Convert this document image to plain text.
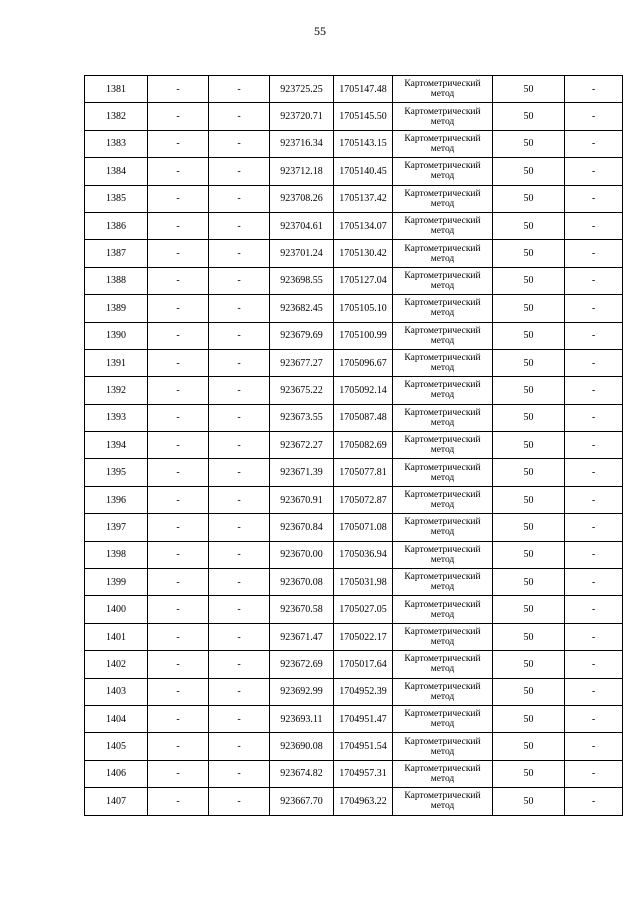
55
1381	-	-	923725.25	1705147.48	Картометрический метод	50	-
1382	-	-	923720.71	1705145.50	Картометрический метод	50	-
1383	-	-	923716.34	1705143.15	Картометрический метод	50	-
1384	-	-	923712.18	1705140.45	Картометрический метод	50	-
1385	-	-	923708.26	1705137.42	Картометрический метод	50	-
1386	-	-	923704.61	1705134.07	Картометрический метод	50	-
1387	-	-	923701.24	1705130.42	Картометрический метод	50	-
1388	-	-	923698.55	1705127.04	Картометрический метод	50	-
1389	-	-	923682.45	1705105.10	Картометрический метод	50	-
1390	-	-	923679.69	1705100.99	Картометрический метод	50	-
1391	-	-	923677.27	1705096.67	Картометрический метод	50	-
1392	-	-	923675.22	1705092.14	Картометрический метод	50	-
1393	-	-	923673.55	1705087.48	Картометрический метод	50	-
1394	-	-	923672.27	1705082.69	Картометрический метод	50	-
1395	-	-	923671.39	1705077.81	Картометрический метод	50	-
1396	-	-	923670.91	1705072.87	Картометрический метод	50	-
1397	-	-	923670.84	1705071.08	Картометрический метод	50	-
1398	-	-	923670.00	1705036.94	Картометрический метод	50	-
1399	-	-	923670.08	1705031.98	Картометрический метод	50	-
1400	-	-	923670.58	1705027.05	Картометрический метод	50	-
1401	-	-	923671.47	1705022.17	Картометрический метод	50	-
1402	-	-	923672.69	1705017.64	Картометрический метод	50	-
1403	-	-	923692.99	1704952.39	Картометрический метод	50	-
1404	-	-	923693.11	1704951.47	Картометрический метод	50	-
1405	-	-	923690.08	1704951.54	Картометрический метод	50	-
1406	-	-	923674.82	1704957.31	Картометрический метод	50	-
1407	-	-	923667.70	1704963.22	Картометрический метод	50	-
